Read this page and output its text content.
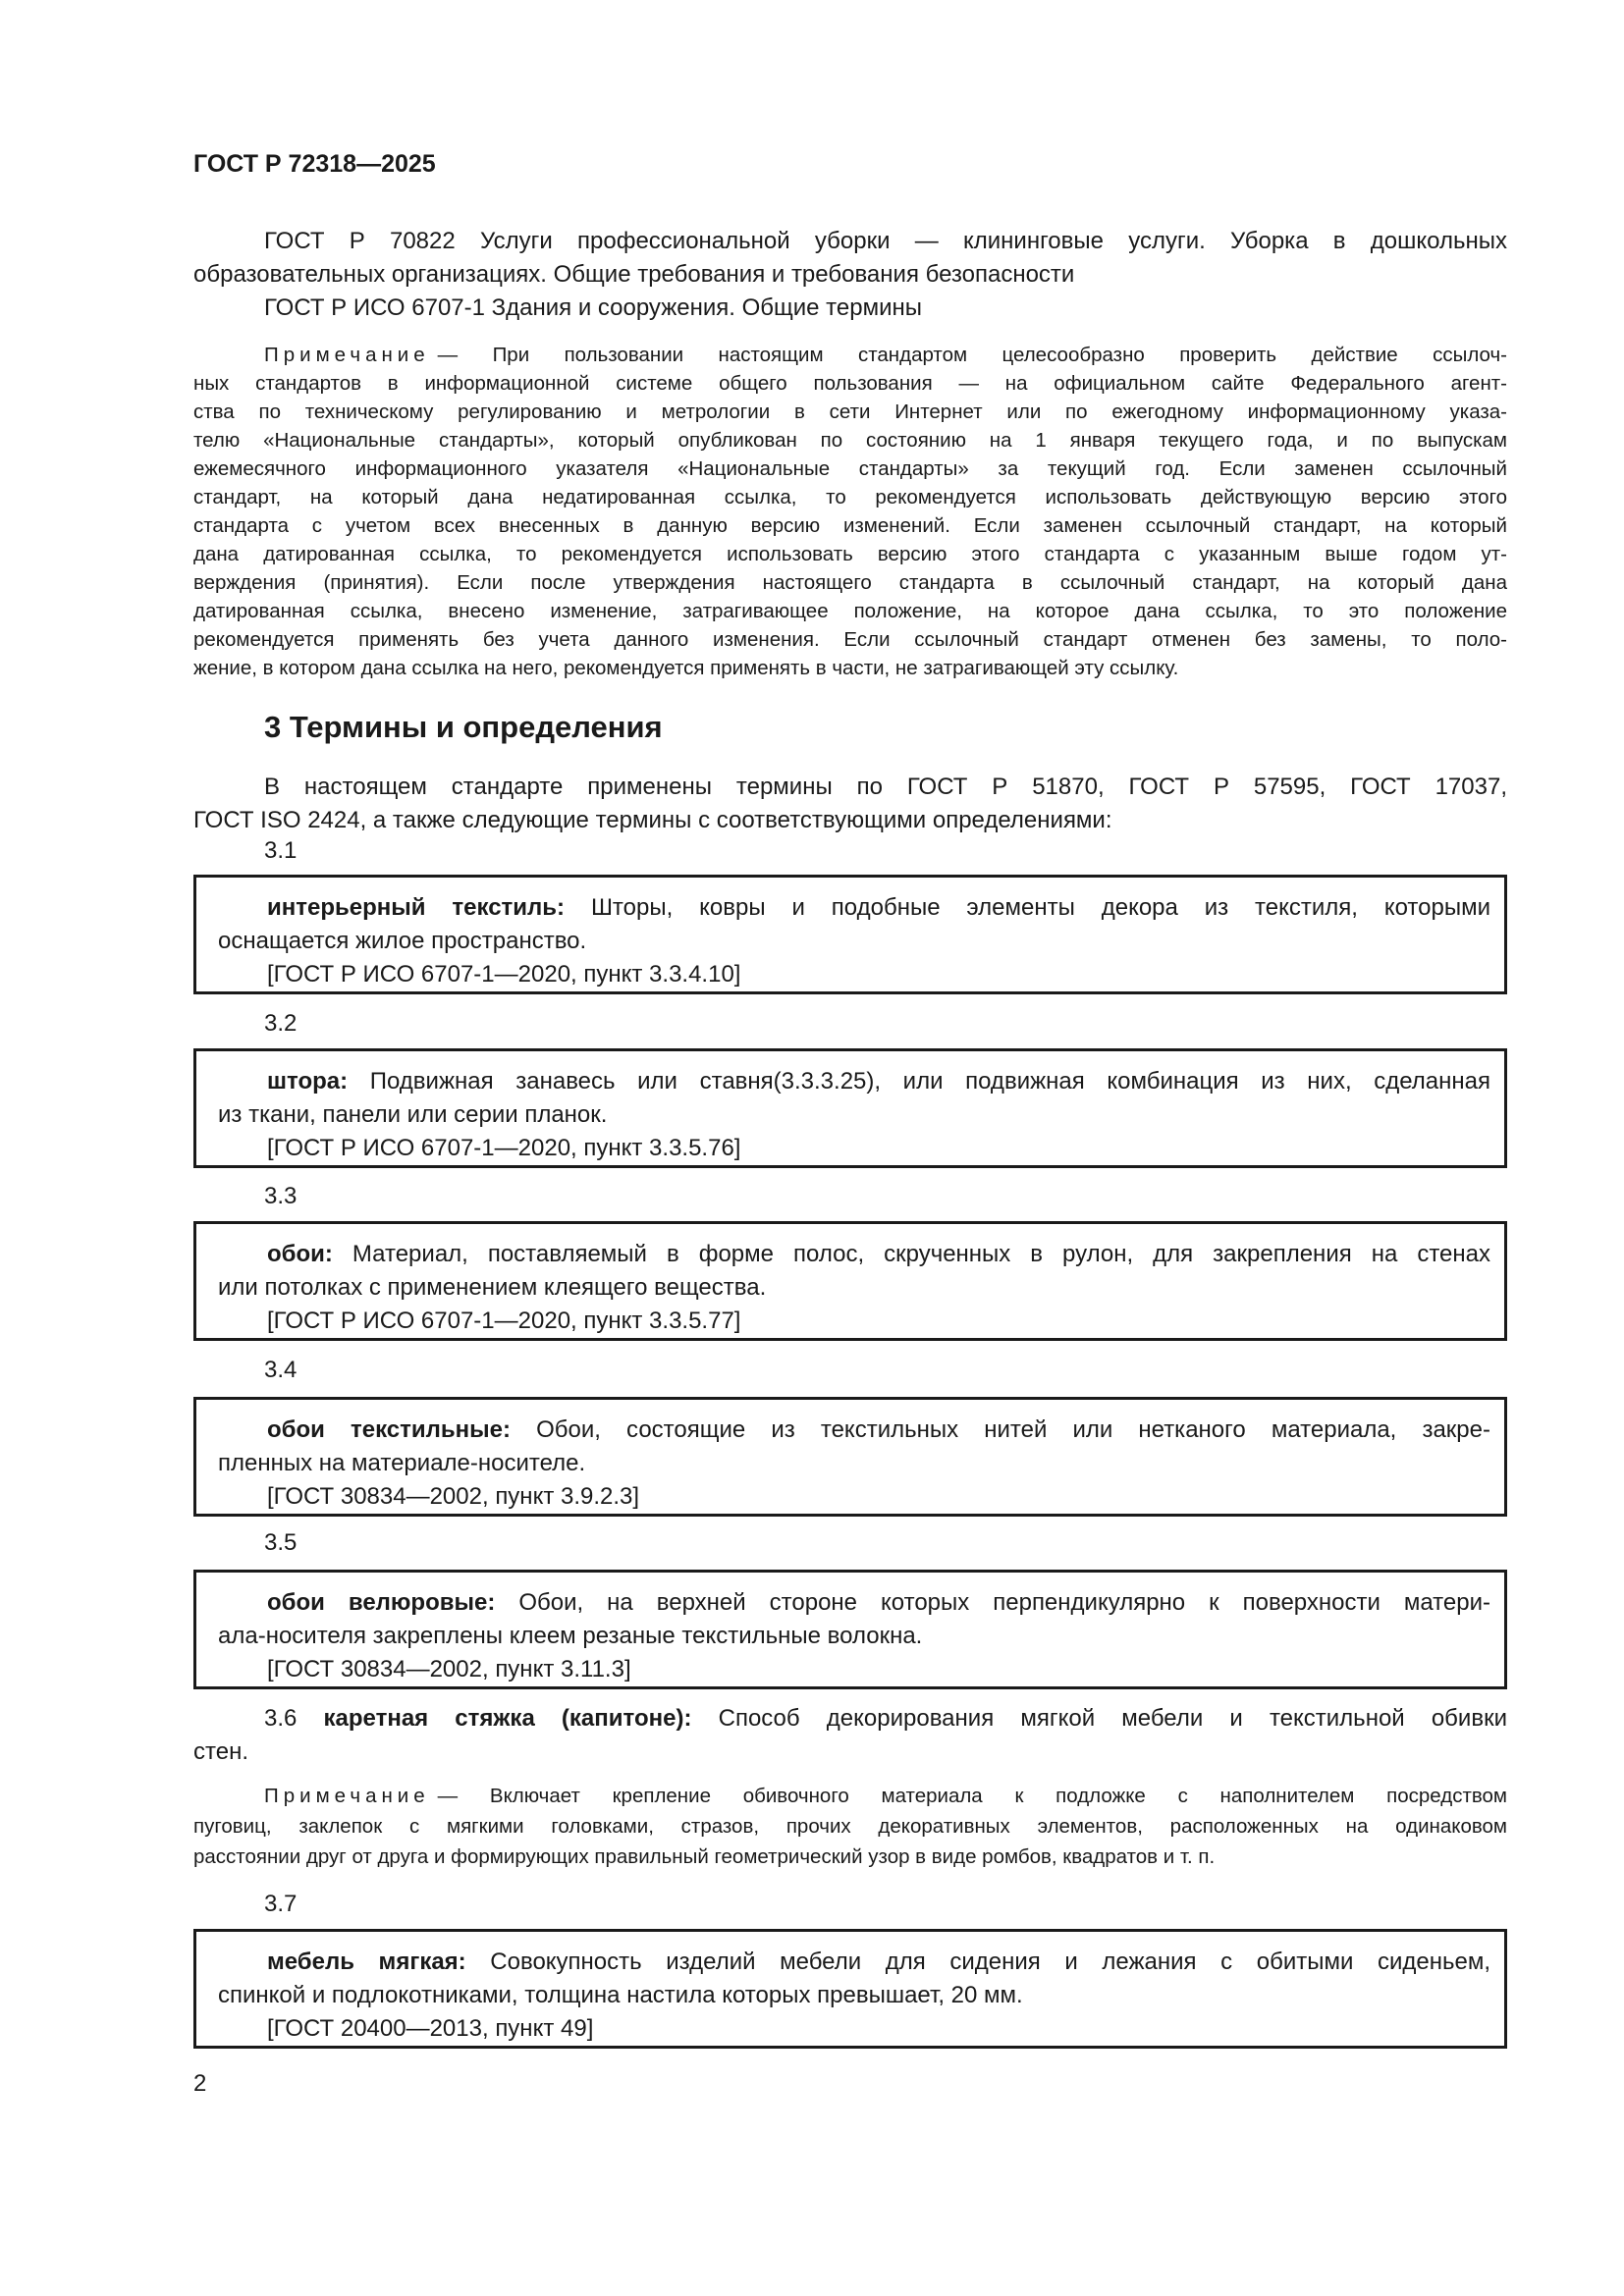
ГОСТ Р 72318—2025
ГОСТ Р 70822 Услуги профессиональной уборки — клининговые услуги. Уборка в дошкольных
образовательных организациях. Общие требования и требования безопасности
ГОСТ Р ИСО 6707-1 Здания и сооружения. Общие термины
Примечание — При пользовании настоящим стандартом целесообразно проверить действие ссылоч-
ных стандартов в информационной системе общего пользования — на официальном сайте Федерального агент-
ства по техническому регулированию и метрологии в сети Интернет или по ежегодному информационному указа-
телю «Национальные стандарты», который опубликован по состоянию на 1 января текущего года, и по выпускам
ежемесячного информационного указателя «Национальные стандарты» за текущий год. Если заменен ссылочный
стандарт, на который дана недатированная ссылка, то рекомендуется использовать действующую версию этого
стандарта с учетом всех внесенных в данную версию изменений. Если заменен ссылочный стандарт, на который
дана датированная ссылка, то рекомендуется использовать версию этого стандарта с указанным выше годом ут-
верждения (принятия). Если после утверждения настоящего стандарта в ссылочный стандарт, на который дана
датированная ссылка, внесено изменение, затрагивающее положение, на которое дана ссылка, то это положение
рекомендуется применять без учета данного изменения. Если ссылочный стандарт отменен без замены, то поло-
жение, в котором дана ссылка на него, рекомендуется применять в части, не затрагивающей эту ссылку.
3 Термины и определения
В настоящем стандарте применены термины по ГОСТ Р 51870, ГОСТ Р 57595, ГОСТ 17037,
ГОСТ ISO 2424, а также следующие термины с соответствующими определениями:
3.1
интерьерный текстиль: Шторы, ковры и подобные элементы декора из текстиля, которыми
оснащается жилое пространство.
[ГОСТ Р ИСО 6707-1—2020, пункт 3.3.4.10]
3.2
штора: Подвижная занавесь или ставня(3.3.3.25), или подвижная комбинация из них, сделанная
из ткани, панели или серии планок.
[ГОСТ Р ИСО 6707-1—2020, пункт 3.3.5.76]
3.3
обои: Материал, поставляемый в форме полос, скрученных в рулон, для закрепления на стенах
или потолках с применением клеящего вещества.
[ГОСТ Р ИСО 6707-1—2020, пункт 3.3.5.77]
3.4
обои текстильные: Обои, состоящие из текстильных нитей или нетканого материала, закре-
пленных на материале-носителе.
[ГОСТ 30834—2002, пункт 3.9.2.3]
3.5
обои велюровые: Обои, на верхней стороне которых перпендикулярно к поверхности матери-
ала-носителя закреплены клеем резаные текстильные волокна.
[ГОСТ 30834—2002, пункт 3.11.3]
3.6 каретная стяжка (капитоне): Способ декорирования мягкой мебели и текстильной обивки
стен.
3.7
мебель мягкая: Совокупность изделий мебели для сидения и лежания с обитыми сиденьем,
спинкой и подлокотниками, толщина настила которых превышает, 20 мм.
[ГОСТ 20400—2013, пункт 49]
Примечание — Включает крепление обивочного материала к подложке с наполнителем посредством
пуговиц, заклепок с мягкими головками, стразов, прочих декоративных элементов, расположенных на одинаковом
расстоянии друг от друга и формирующих правильный геометрический узор в виде ромбов, квадратов и т. п.
2
